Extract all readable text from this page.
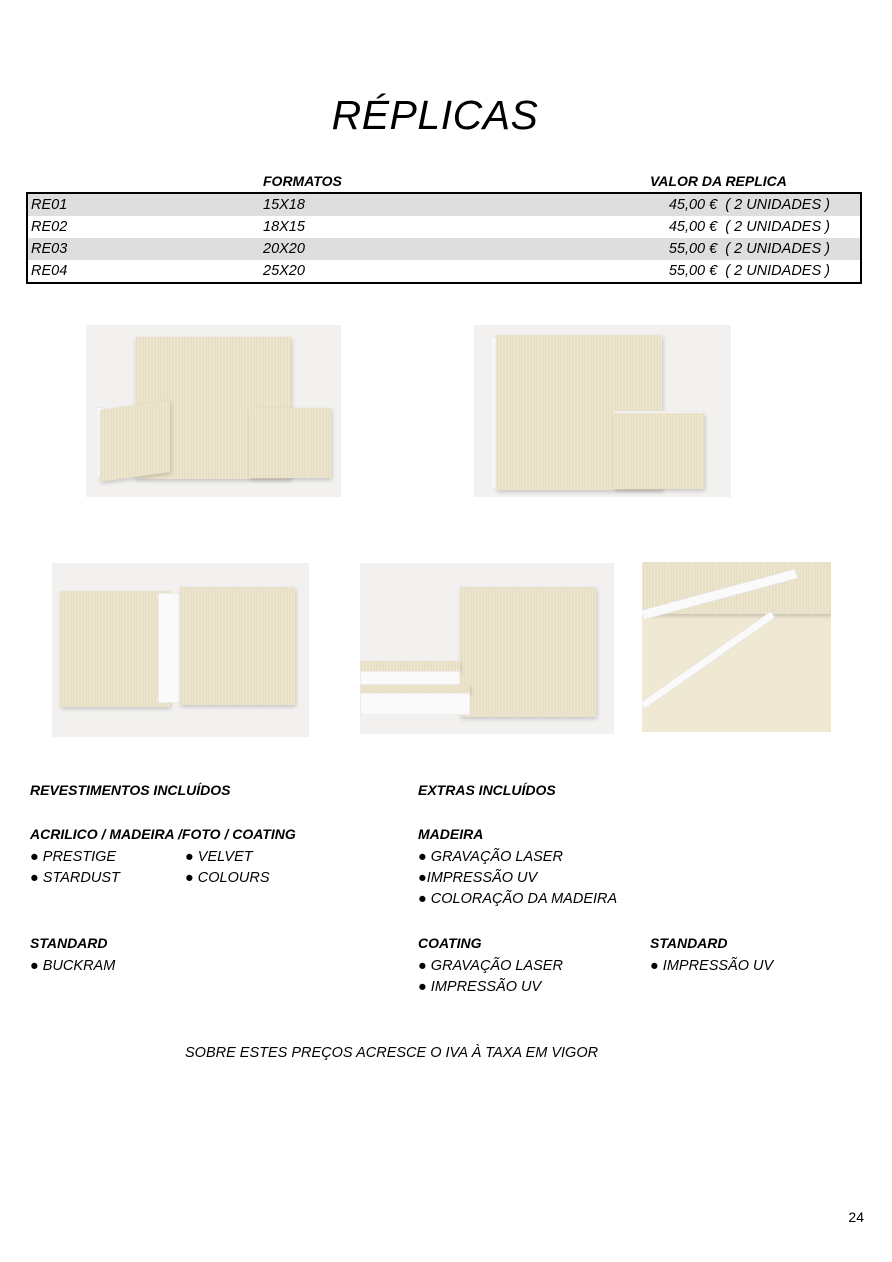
RÉPLICAS
FORMATOS	VALOR DA REPLICA
RE01	15X18	45,00 €  ( 2 UNIDADES )
RE02	18X15	45,00 €  ( 2 UNIDADES )
RE03	20X20	55,00 €  ( 2 UNIDADES )
RE04	25X20	55,00 €  ( 2 UNIDADES )
REVESTIMENTOS INCLUÍDOS
ACRILICO / MADEIRA /FOTO / COATING
● PRESTIGE
● STARDUST
● VELVET
● COLOURS
STANDARD
● BUCKRAM
EXTRAS INCLUÍDOS
MADEIRA
● GRAVAÇÃO LASER
●IMPRESSÃO UV
● COLORAÇÃO DA MADEIRA
COATING
● GRAVAÇÃO LASER
● IMPRESSÃO UV
STANDARD
● IMPRESSÃO UV
SOBRE ESTES PREÇOS ACRESCE O IVA À TAXA EM VIGOR
24
